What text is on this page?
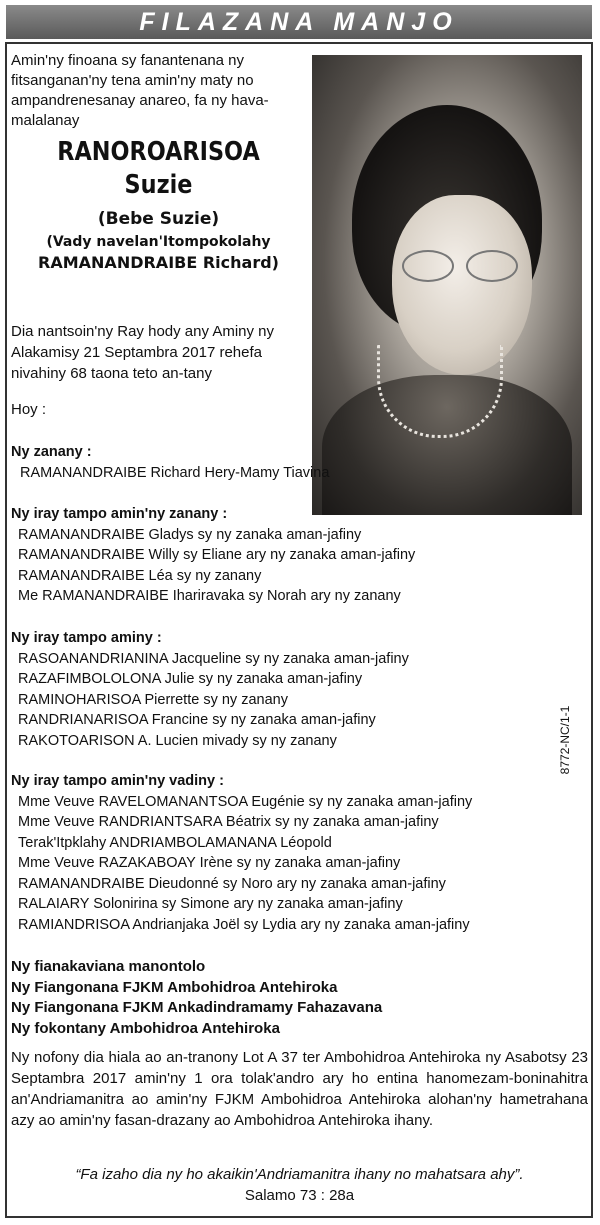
FILAZANA MANJO
Amin'ny finoana sy fanantenana ny fitsanganan'ny tena amin'ny maty no ampandrenesanay anareo, fa ny hava-malalanay
RANOROARISOA
Suzie
(Bebe Suzie)
(Vady navelan'Itompokolahy
RAMANANDRAIBE Richard)
Dia nantsoin'ny Ray hody any Aminy ny Alakamisy 21 Septambra 2017 rehefa nivahiny 68 taona teto an-tany
Hoy :
Ny zanany :
RAMANANDRAIBE Richard Hery-Mamy Tiavina
Ny iray tampo amin'ny zanany :
RAMANANDRAIBE Gladys sy ny zanaka aman-jafiny
RAMANANDRAIBE Willy sy Eliane ary ny zanaka aman-jafiny
RAMANANDRAIBE Léa sy ny zanany
Me RAMANANDRAIBE Ihariravaka sy Norah ary ny zanany
Ny iray tampo aminy :
RASOANANDRIANINA Jacqueline sy ny zanaka aman-jafiny
RAZAFIMBOLOLONA Julie sy ny zanaka aman-jafiny
RAMINOHARISOA Pierrette sy ny zanany
RANDRIANARISOA Francine sy ny zanaka aman-jafiny
RAKOTOARISON A. Lucien mivady sy ny zanany
Ny iray tampo amin'ny vadiny :
Mme Veuve RAVELOMANANTSOA Eugénie sy ny zanaka aman-jafiny
Mme Veuve RANDRIANTSARA Béatrix sy ny zanaka aman-jafiny
Terak'Itpklahy ANDRIAMBOLAMANANA Léopold
Mme Veuve RAZAKABOAY Irène sy ny zanaka aman-jafiny
RAMANANDRAIBE Dieudonné sy Noro ary ny zanaka aman-jafiny
RALAIARY Solonirina sy Simone ary ny zanaka aman-jafiny
RAMIANDRISOA Andrianjaka Joël sy Lydia ary ny zanaka aman-jafiny
Ny fianakaviana manontolo
Ny Fiangonana FJKM Ambohidroa Antehiroka
Ny Fiangonana FJKM Ankadindramamy Fahazavana
Ny fokontany Ambohidroa Antehiroka
Ny nofony dia hiala ao an-tranony Lot A 37 ter Ambohidroa Antehiroka ny Asabotsy 23 Septambra 2017 amin'ny 1 ora tolak'andro ary ho entina hanomezam-boninahitra an'Andriamanitra ao amin'ny FJKM Ambohidroa Antehiroka alohan'ny hametrahana azy ao amin'ny fasan-drazany ao Ambohidroa Antehiroka ihany.
“Fa izaho dia ny ho akaikin'Andriamanitra ihany no mahatsara ahy”.
Salamo 73 : 28a
8772-NC/1-1
